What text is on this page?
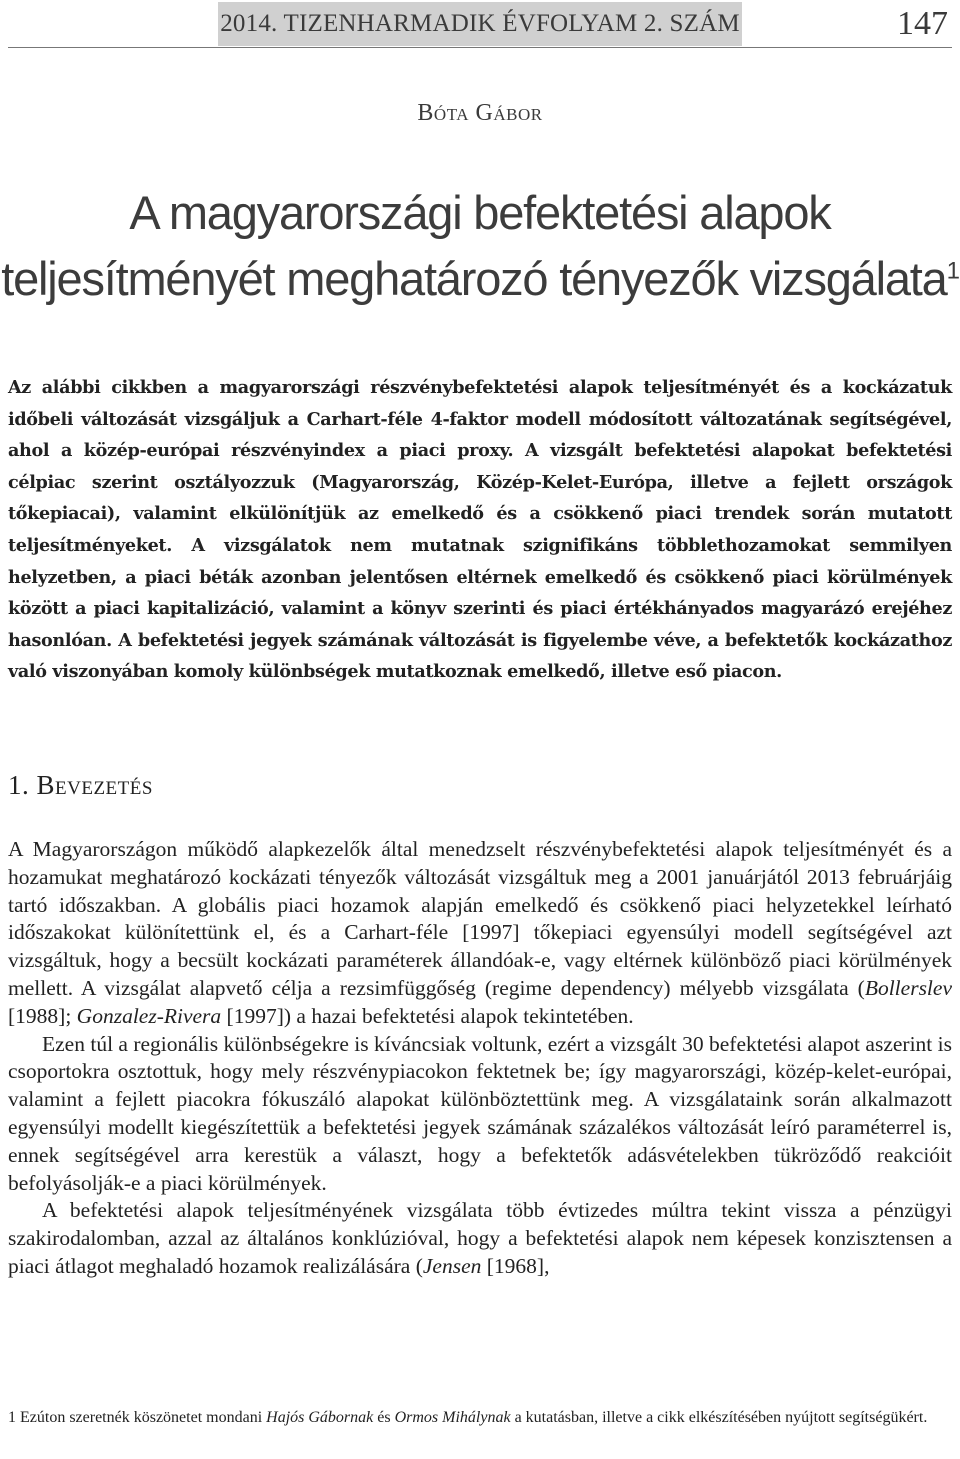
2014. TIZENHARMADIK ÉVFOLYAM 2. SZÁM	147
Bóta Gábor
A magyarországi befektetési alapok
teljesítményét meghatározó tényezők vizsgálata$^1$
Az alábbi cikkben a magyarországi részvénybefektetési alapok teljesítményét és a kockázatuk időbeli változását vizsgáljuk a Carhart-féle 4-faktor modell módosított változatának segítségével, ahol a közép-európai részvényindex a piaci proxy. A vizsgált befektetési alapokat befektetési célpiac szerint osztályozzuk (Magyarország, Közép-Kelet-Európa, illetve a fejlett országok tőkepiacai), valamint elkülönítjük az emelkedő és a csökkenő piaci trendek során mutatott teljesítményeket. A vizsgálatok nem mutatnak szignifikáns többlethozamokat semmilyen helyzetben, a piaci béták azonban jelentősen eltérnek emelkedő és csökkenő piaci körülmények között a piaci kapitalizáció, valamint a könyv szerinti és piaci értékhányados magyarázó erejéhez hasonlóan. A befektetési jegyek számának változását is figyelembe véve, a befektetők kockázathoz való viszonyában komoly különbségek mutatkoznak emelkedő, illetve eső piacon.
1. Bevezetés

A Magyarországon működő alapkezelők által menedzselt részvénybefektetési alapok teljesítményét és a hozamukat meghatározó kockázati tényezők változását vizsgáltuk meg a 2001 januárjától 2013 februárjáig tartó időszakban. A globális piaci hozamok alapján emelkedő és csökkenő piaci helyzetekkel leírható időszakokat különítettünk el, és a Carhart-féle [1997] tőkepiaci egyensúlyi modell segítségével azt vizsgáltuk, hogy a becsült kockázati paraméterek állandóak-e, vagy eltérnek különböző piaci körülmények mellett. A vizsgálat alapvető célja a rezsimfüggőség (regime dependency) mélyebb vizsgálata (Bollerslev [1988]; Gonzalez-Rivera [1997]) a hazai befektetési alapok tekintetében.

Ezen túl a regionális különbségekre is kíváncsiak voltunk, ezért a vizsgált 30 befektetési alapot aszerint is csoportokra osztottuk, hogy mely részvénypiacokon fektetnek be; így magyarországi, közép-kelet-európai, valamint a fejlett piacokra fókuszáló alapokat különböztettünk meg. A vizsgálataink során alkalmazott egyensúlyi modellt kiegészítettük a befektetési jegyek számának százalékos változását leíró paraméterrel is, ennek segítségével arra kerestük a választ, hogy a befektetők adásvételekben tükröződő reakcióit befolyásolják-e a piaci körülmények.

A befektetési alapok teljesítményének vizsgálata több évtizedes múltra tekint vissza a pénzügyi szakirodalomban, azzal az általános konklúzióval, hogy a befektetési alapok nem képesek konzisztensen a piaci átlagot meghaladó hozamok realizálására (Jensen [1968],

1 Ezúton szeretnék köszönetet mondani Hajós Gábornak és Ormos Mihálynak a kutatásban, illetve a cikk elkészítésében nyújtott segítségükért.
